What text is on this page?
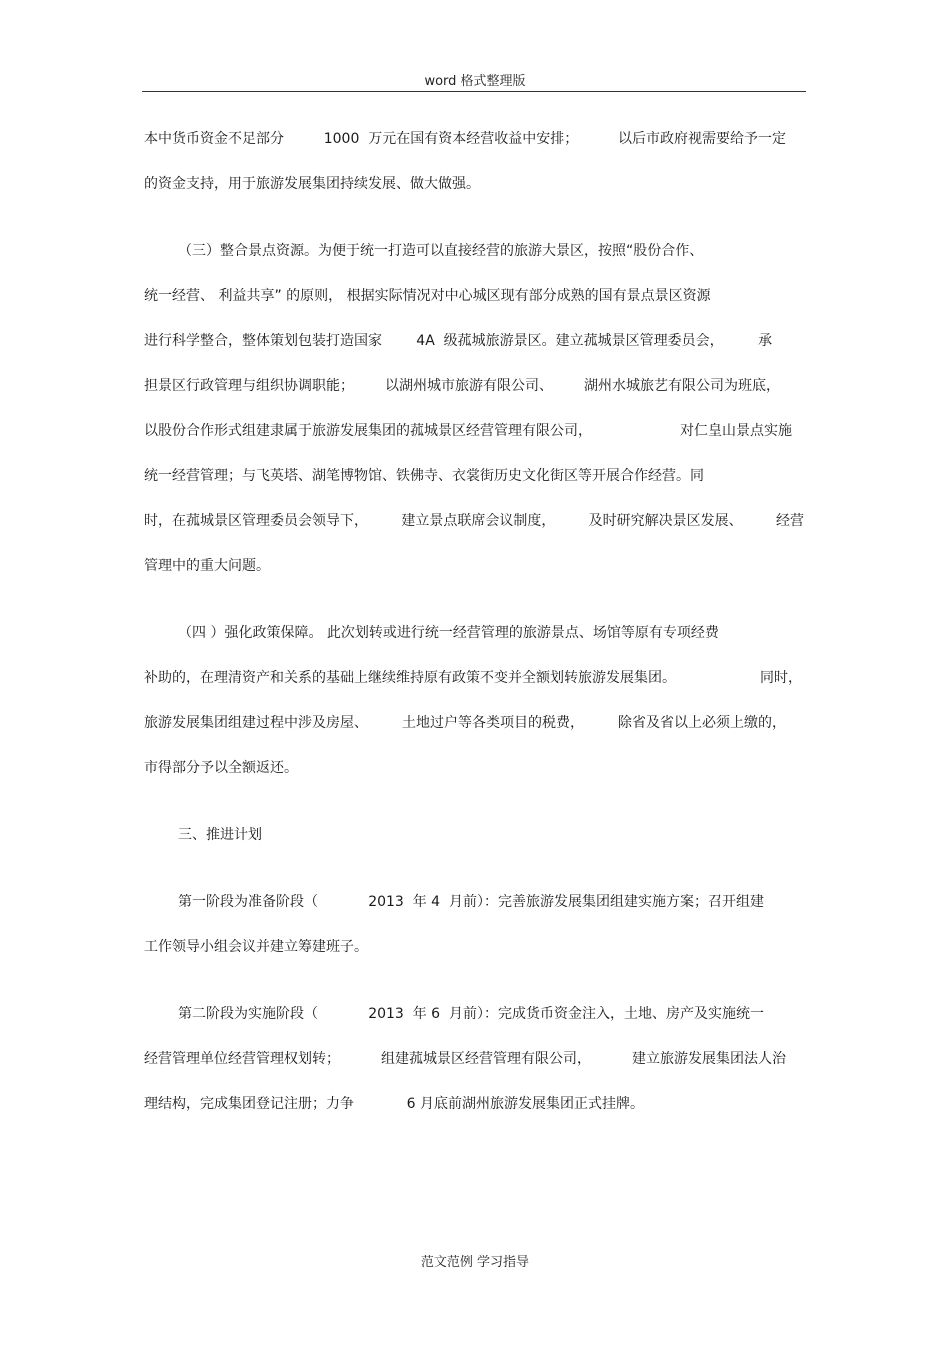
word 格式整理版
本中货币资金不足部分	1000  万元在国有资本经营收益中安排；	以后市政府视需要给予一定
的资金支持，用于旅游发展集团持续发展、做大做强。
（三）整合景点资源。为便于统一打造可以直接经营的旅游大景区，按照“股份合作、
统一经营、 利益共享” 的原则， 根据实际情况对中心城区现有部分成熟的国有景点景区资源
进行科学整合，整体策划包装打造国家 4A  级菰城旅游景区。建立菰城景区管理委员会， 承
担景区行政管理与组织协调职能； 以湖州城市旅游有限公司、 湖州水城旅艺有限公司为班底，
以股份合作形式组建隶属于旅游发展集团的菰城景区经营管理有限公司，	对仁皇山景点实施
统一经营管理；与飞英塔、湖笔博物馆、铁佛寺、衣裳街历史文化街区等开展合作经营。同
时，在菰城景区管理委员会领导下， 建立景点联席会议制度， 及时研究解决景区发展、 经营
管理中的重大问题。
（四 ）强化政策保障。 此次划转或进行统一经营管理的旅游景点、场馆等原有专项经费
补助的，在理清资产和关系的基础上继续维持原有政策不变并全额划转旅游发展集团。	同时，
旅游发展集团组建过程中涉及房屋、 土地过户等各类项目的税费， 除省及省以上必须上缴的，
市得部分予以全额返还。
三、推进计划
第一阶段为准备阶段（	2013  年 4  月前）：完善旅游发展集团组建实施方案；召开组建
工作领导小组会议并建立筹建班子。
第二阶段为实施阶段（	2013  年 6  月前）：完成货币资金注入，土地、房产及实施统一
经营管理单位经营管理权划转；	组建菰城景区经营管理有限公司，	建立旅游发展集团法人治
理结构，完成集团登记注册；力争	6 月底前湖州旅游发展集团正式挂牌。
范文范例 学习指导
